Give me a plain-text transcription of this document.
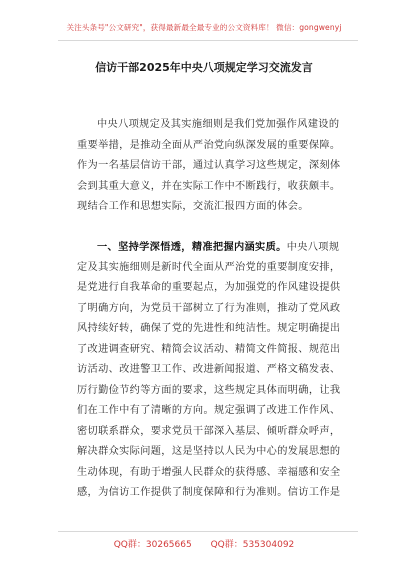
关注头条号"公文研究"，获得最新最全最专业的公文资料库！ 微信：gongwenyj
信访干部2025年中央八项规定学习交流发言
中央八项规定及其实施细则是我们党加强作风建设的
重要举措，是推动全面从严治党向纵深发展的重要保障。
作为一名基层信访干部，通过认真学习这些规定，深刻体
会到其重大意义，并在实际工作中不断践行，收获颇丰。
现结合工作和思想实际，交流汇报四方面的体会。
一、坚持学深悟透，精准把握内涵实质。中央八项规
定及其实施细则是新时代全面从严治党的重要制度安排，
是党进行自我革命的重要起点，为加强党的作风建设提供
了明确方向，为党员干部树立了行为准则，推动了党风政
风持续好转，确保了党的先进性和纯洁性。规定明确提出
了改进调查研究、精简会议活动、精简文件简报、规范出
访活动、改进警卫工作、改进新闻报道、严格文稿发表、
厉行勤俭节约等方面的要求，这些规定具体而明确，让我
们在工作中有了清晰的方向。规定强调了改进工作作风、
密切联系群众，要求党员干部深入基层、倾听群众呼声，
解决群众实际问题，这是坚持以人民为中心的发展思想的
生动体现，有助于增强人民群众的获得感、幸福感和安全
感，为信访工作提供了制度保障和行为准则。信访工作是
QQ群：30265665 QQ群：535304092
